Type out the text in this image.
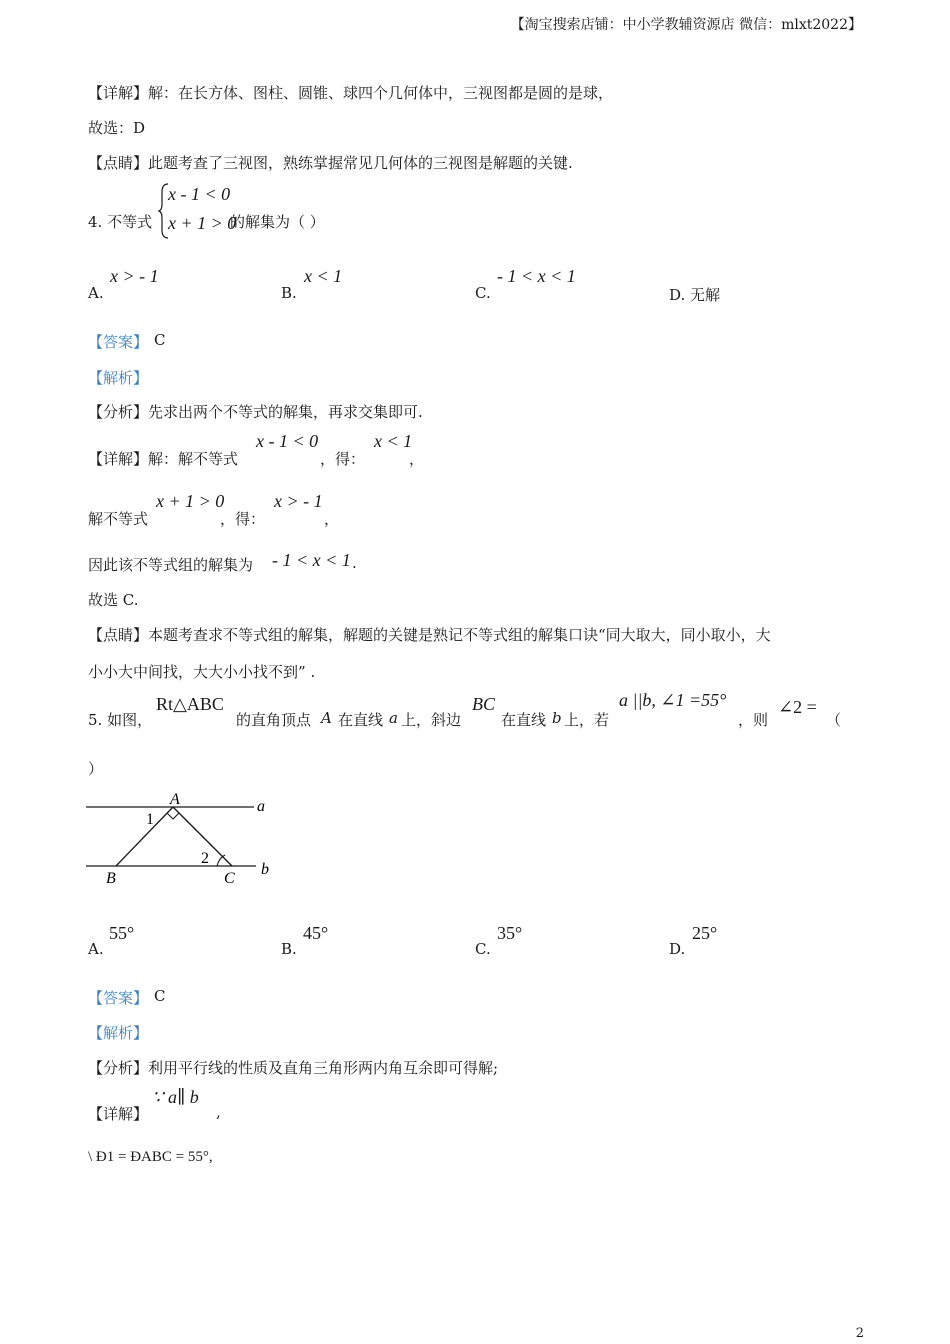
【淘宝搜索店铺：中小学教辅资源店 微信：mlxt2022】
【详解】解：在长方体、图柱、圆锥、球四个几何体中，三视图都是圆的是球，
故选：D
【点睛】此题考查了三视图，熟练掌握常见几何体的三视图是解题的关键.
4. 不等式
x - 1 < 0
x + 1 > 0
的解集为（ ）
A.
x > - 1
B.
x < 1
C.
- 1 < x < 1
D. 无解
【答案】 C
【解析】
【分析】先求出两个不等式的解集，再求交集即可.
【详解】解：解不等式
x - 1 < 0
，得：
x < 1
，
解不等式
x + 1 > 0
，得：
x > - 1
，
因此该不等式组的解集为 - 1 < x < 1 .
故选 C.
【点睛】本题考查求不等式组的解集，解题的关键是熟记不等式组的解集口诀“同大取大，同小取小，大
小小大中间找，大大小小找不到” .
5. 如图，
Rt△ABC
的直角顶点 A 在直线 a 上，斜边
BC
在直线 b 上，若
a ||b, ∠1 =55°
，则
∠2 =
（
）
A	a
1
2
B	C
b
A.
55°
B.
45°
C.
35°
D.
25°
【答案】 C
【解析】
【分析】利用平行线的性质及直角三角形两内角互余即可得解;
【详解】
∵ a∥ b
,
\ Ð1 = ÐABC = 55°,
2
